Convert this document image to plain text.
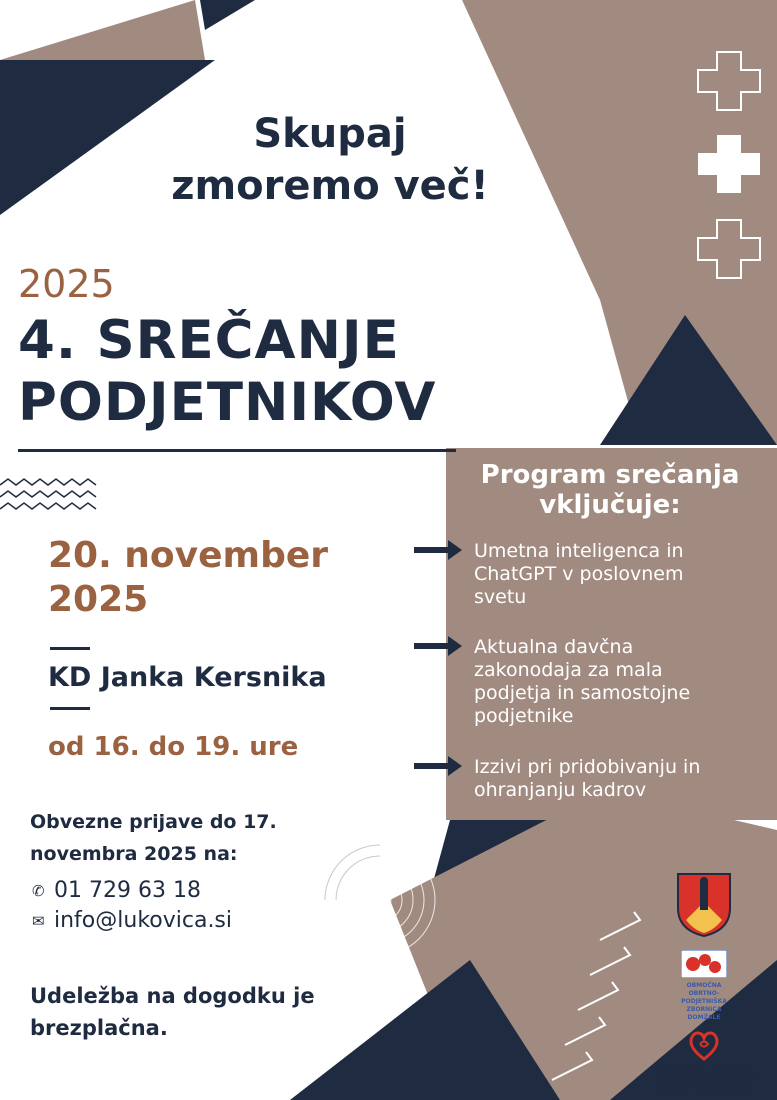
Skupaj
zmoremo več!
2025
4. SREČANJE
PODJETNIKOV
20. november
2025
KD Janka Kersnika
od 16. do 19. ure
Obvezne prijave do 17.
novembra 2025 na:
✆ 01 729 63 18
✉ info@lukovica.si
Udeležba na dogodku je
brezplačna.
Program srečanja
vključuje:
Umetna inteligenca in
ChatGPT v poslovnem
svetu
Aktualna davčna
zakonodaja za mala
podjetja in samostojne
podjetnike
Izzivi pri pridobivanju in
ohranjanju kadrov
OBMOČNA
OBRTNO-PODJETNIŠKA
ZBORNICA
DOMŽALE
RAZVOJNI CENTER
SRCA SLOVENIJE
